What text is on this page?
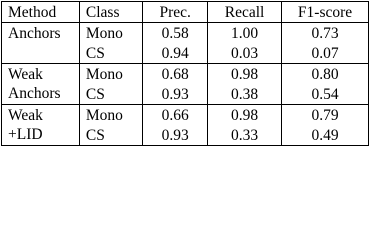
Method	Class	Prec.	Recall	F1-score
Anchors	Mono	0.58	1.00	0.73
	CS	0.94	0.03	0.07

Weak
Anchors	Mono	0.68	0.98	0.80
	CS	0.93	0.38	0.54

Weak
+LID	Mono	0.66	0.98	0.79
	CS	0.93	0.33	0.49
